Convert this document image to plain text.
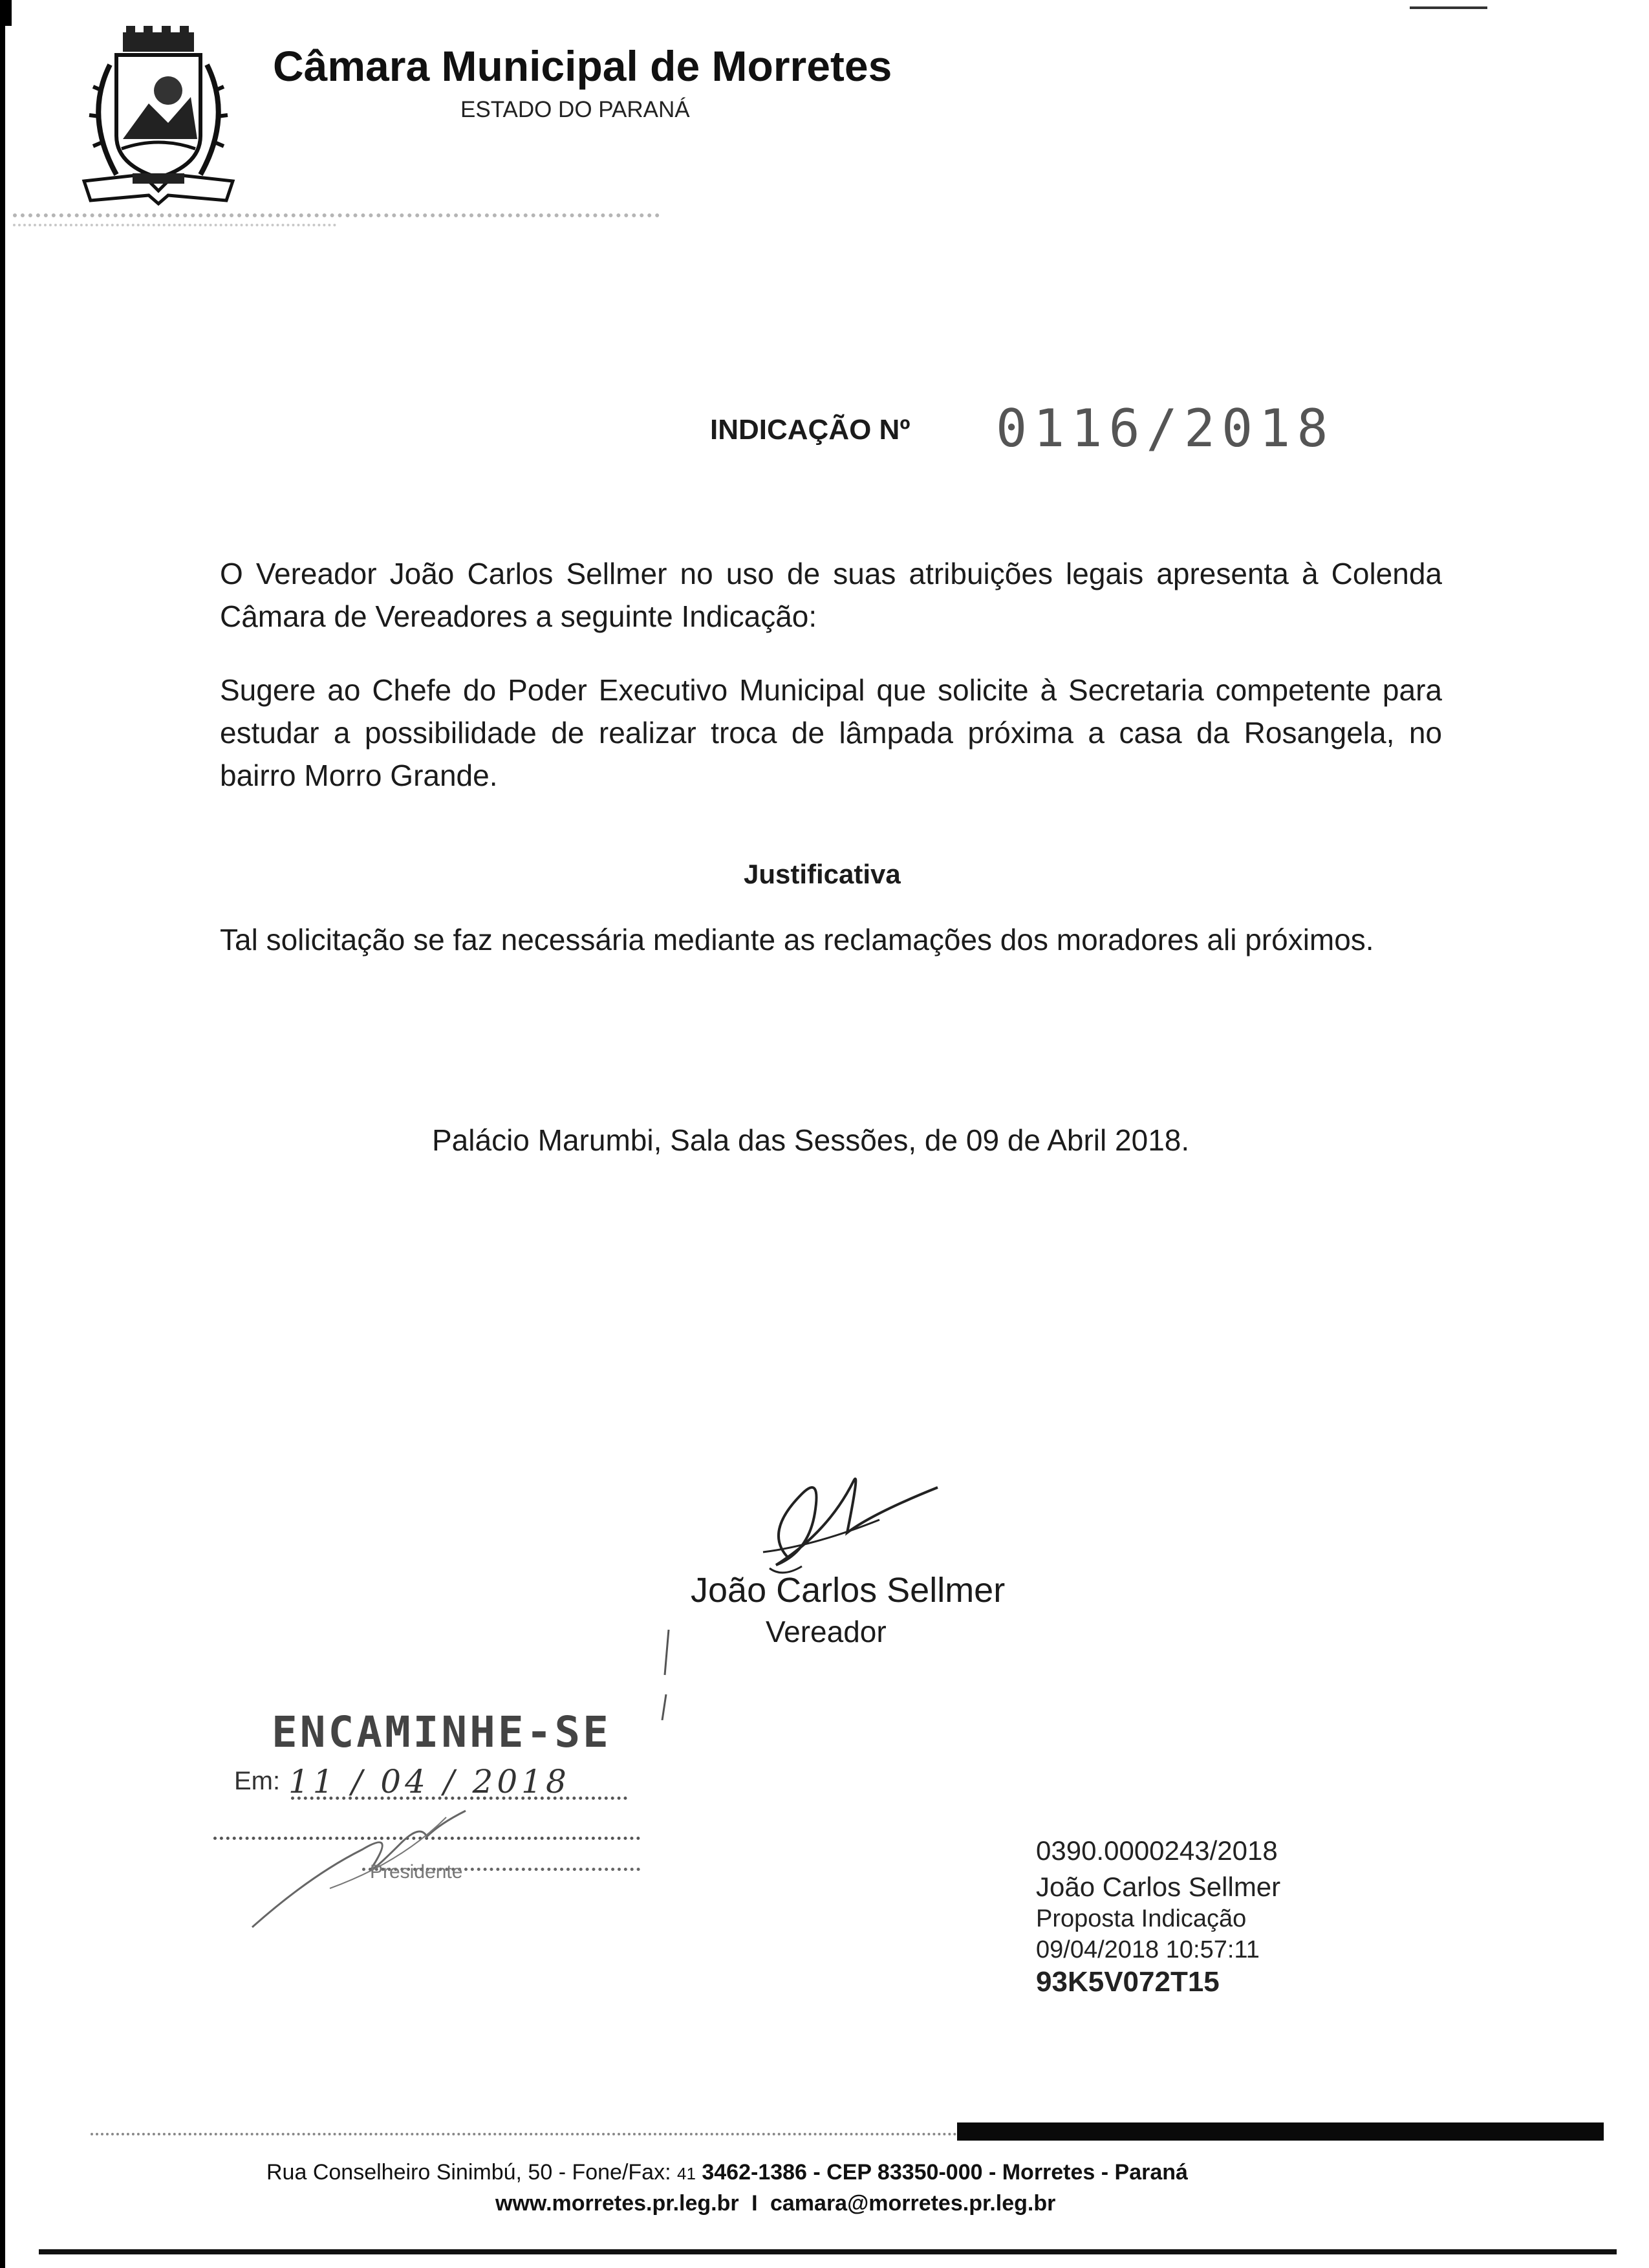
Câmara Municipal de Morretes
ESTADO DO PARANÁ
INDICAÇÃO Nº 0116/2018
O Vereador João Carlos Sellmer no uso de suas atribuições legais apresenta à Colenda Câmara de Vereadores a seguinte Indicação:
Sugere ao Chefe do Poder Executivo Municipal que solicite à Secretaria competente para estudar a possibilidade de realizar troca de lâmpada próxima a casa da Rosangela, no bairro Morro Grande.
Justificativa
Tal solicitação se faz necessária mediante as reclamações dos moradores ali próximos.
Palácio Marumbi, Sala das Sessões, de 09 de Abril 2018.
João Carlos Sellmer
Vereador
ENCAMINHE-SE
Em: 11 / 04 / 2018
Presidente
0390.0000243/2018
João Carlos Sellmer
Proposta Indicação
09/04/2018 10:57:11
93K5V072T15
Rua Conselheiro Sinimbú, 50 - Fone/Fax: 41 3462-1386 - CEP 83350-000 - Morretes - Paraná
www.morretes.pr.leg.br I camara@morretes.pr.leg.br
